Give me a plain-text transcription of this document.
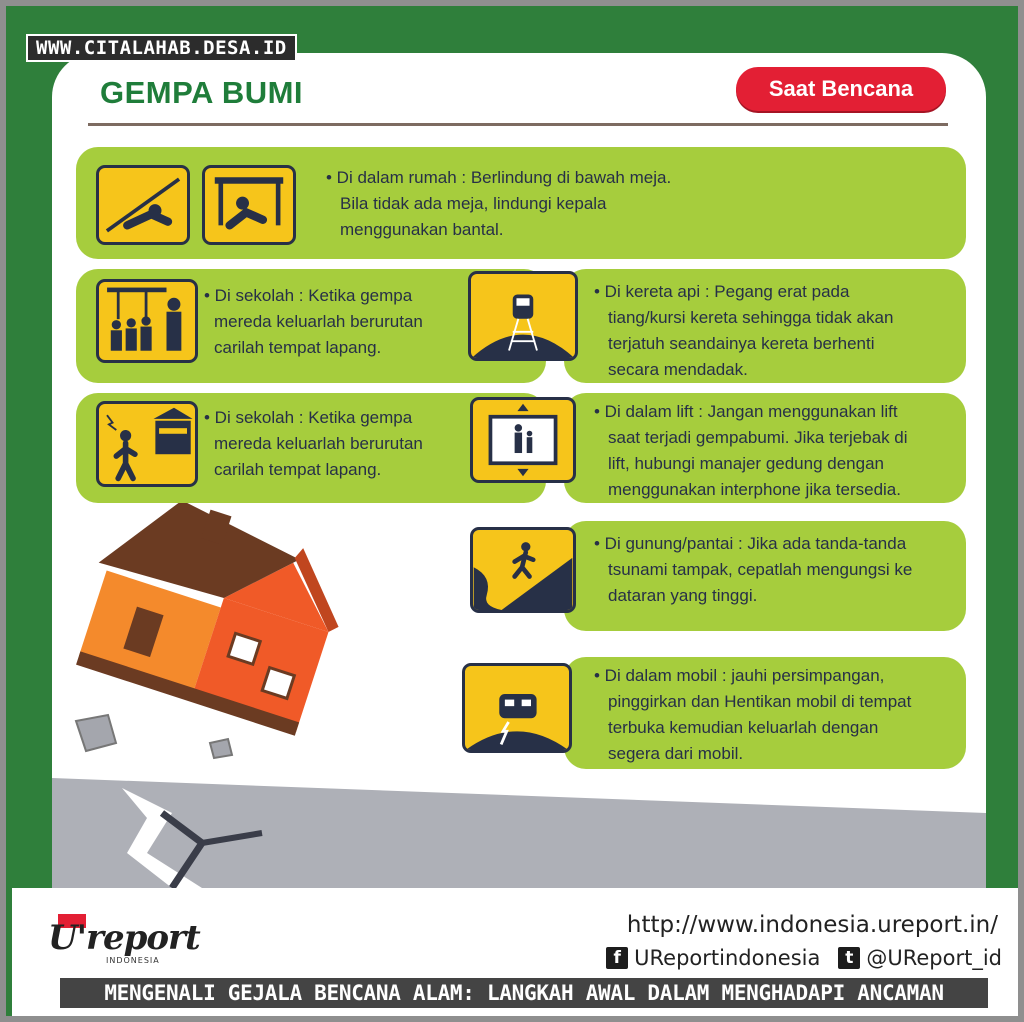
WWW.CITALAHAB.DESA.ID
GEMPA BUMI	Saat Bencana
• Di dalam rumah : Berlindung di bawah meja.
Bila tidak ada meja, lindungi kepala
menggunakan bantal.
• Di sekolah : Ketika gempa
mereda keluarlah berurutan
carilah tempat lapang.
• Di kereta api : Pegang erat pada
tiang/kursi kereta sehingga tidak akan
terjatuh seandainya kereta berhenti
secara mendadak.
• Di sekolah : Ketika gempa
mereda keluarlah berurutan
carilah tempat lapang.
• Di dalam lift : Jangan menggunakan lift
saat terjadi gempabumi. Jika terjebak di
lift, hubungi manajer gedung dengan
menggunakan interphone jika tersedia.
• Di gunung/pantai : Jika ada tanda-tanda
tsunami tampak, cepatlah mengungsi ke
dataran yang tinggi.
• Di dalam mobil : jauhi persimpangan,
pinggirkan dan Hentikan mobil di tempat
terbuka kemudian keluarlah dengan
segera dari mobil.
U'report
INDONESIA
http://www.indonesia.ureport.in/
f UReportindonesia	t @UReport_id
MENGENALI GEJALA BENCANA ALAM: LANGKAH AWAL DALAM MENGHADAPI ANCAMAN
